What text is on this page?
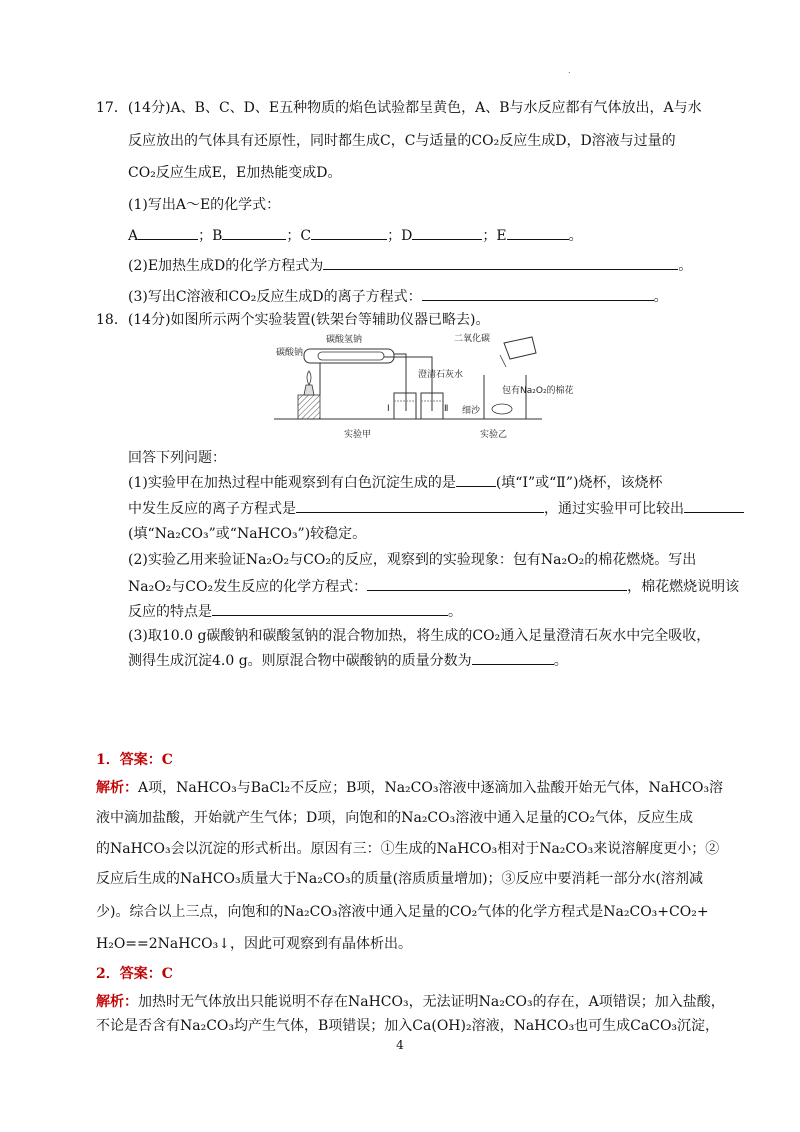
.
17．(14分)A、B、C、D、E五种物质的焰色试验都呈黄色，A、B与水反应都有气体放出，A与水
反应放出的气体具有还原性，同时都生成C，C与适量的CO₂反应生成D，D溶液与过量的
CO₂反应生成E，E加热能变成D。
(1)写出A～E的化学式：
A	；B	；C	；D	；E	。
(2)E加热生成D的化学方程式为	。
(3)写出C溶液和CO₂反应生成D的离子方程式：	。
18．(14分)如图所示两个实验装置(铁架台等辅助仪器已略去)。
碳酸氢钠
碳酸钠
澄清石灰水
Ⅰ	Ⅱ
二氧化碳
包有Na₂O₂的棉花
细沙
实验甲	实验乙
回答下列问题：
(1)实验甲在加热过程中能观察到有白色沉淀生成的是	(填“Ⅰ”或“Ⅱ”)烧杯，该烧杯
中发生反应的离子方程式是	，通过实验甲可比较出
(填“Na₂CO₃”或“NaHCO₃”)较稳定。
(2)实验乙用来验证Na₂O₂与CO₂的反应，观察到的实验现象：包有Na₂O₂的棉花燃烧。写出
Na₂O₂与CO₂发生反应的化学方程式：	，棉花燃烧说明该
反应的特点是	。
(3)取10.0 g碳酸钠和碳酸氢钠的混合物加热，将生成的CO₂通入足量澄清石灰水中完全吸收，
测得生成沉淀4.0 g。则原混合物中碳酸钠的质量分数为	。
1．答案：C
解析：A项，NaHCO₃与BaCl₂不反应；B项，Na₂CO₃溶液中逐滴加入盐酸开始无气体，NaHCO₃溶
液中滴加盐酸，开始就产生气体；D项，向饱和的Na₂CO₃溶液中通入足量的CO₂气体，反应生成
的NaHCO₃会以沉淀的形式析出。原因有三：①生成的NaHCO₃相对于Na₂CO₃来说溶解度更小；②
反应后生成的NaHCO₃质量大于Na₂CO₃的质量(溶质质量增加)；③反应中要消耗一部分水(溶剂减
少)。综合以上三点，向饱和的Na₂CO₃溶液中通入足量的CO₂气体的化学方程式是Na₂CO₃+CO₂+
H₂O==2NaHCO₃↓，因此可观察到有晶体析出。
2．答案：C
解析：加热时无气体放出只能说明不存在NaHCO₃，无法证明Na₂CO₃的存在，A项错误；加入盐酸，
不论是否含有Na₂CO₃均产生气体，B项错误；加入Ca(OH)₂溶液，NaHCO₃也可生成CaCO₃沉淀，
4
